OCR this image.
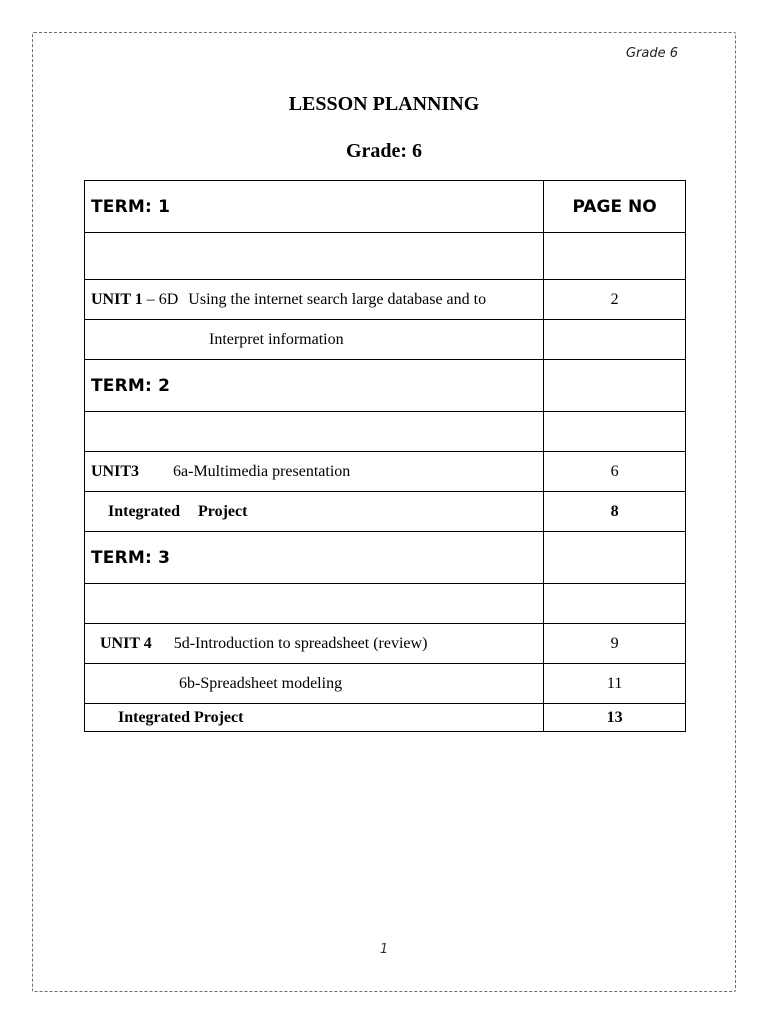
Grade 6
LESSON PLANNING
Grade: 6
TERM: 1	PAGE NO

UNIT 1 – 6D Using the internet search large database and to	2
Interpret information	
TERM: 2	

UNIT3 6a-Multimedia presentation	6
Integrated Project	8
TERM: 3	

UNIT 4 5d-Introduction to spreadsheet (review)	9
6b-Spreadsheet modeling	11
Integrated Project	13
1
